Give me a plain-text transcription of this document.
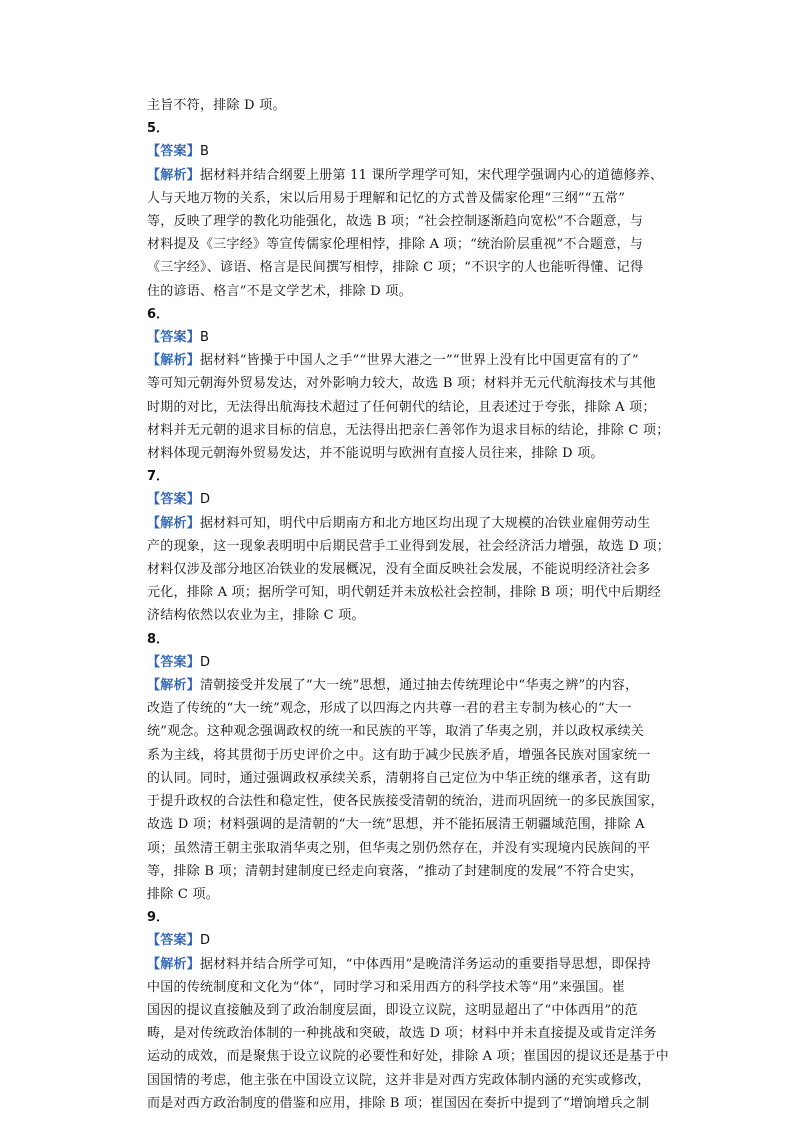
主旨不符，排除 D 项。
5．
【答案】B
【解析】据材料并结合纲要上册第 11 课所学理学可知，宋代理学强调内心的道德修养、
人与天地万物的关系，宋以后用易于理解和记忆的方式普及儒家伦理“三纲”“五常”
等，反映了理学的教化功能强化，故选 B 项；“社会控制逐渐趋向宽松”不合题意，与
材料提及《三字经》等宣传儒家伦理相悖，排除 A 项；“统治阶层重视”不合题意，与
《三字经》、谚语、格言是民间撰写相悖，排除 C 项；“不识字的人也能听得懂、记得
住的谚语、格言”不是文学艺术，排除 D 项。
6．
【答案】B
【解析】据材料“皆操于中国人之手”“世界大港之一”“世界上没有比中国更富有的了”
等可知元朝海外贸易发达，对外影响力较大，故选 B 项；材料并无元代航海技术与其他
时期的对比，无法得出航海技术超过了任何朝代的结论，且表述过于夸张，排除 A 项；
材料并无元朝的退求目标的信息，无法得出把亲仁善邻作为退求目标的结论，排除 C 项；
材料体现元朝海外贸易发达，并不能说明与欧洲有直接人员往来，排除 D 项。
7．
【答案】D
【解析】据材料可知，明代中后期南方和北方地区均出现了大规模的冶铁业雇佣劳动生
产的现象，这一现象表明明中后期民营手工业得到发展，社会经济活力增强，故选 D 项；
材料仅涉及部分地区冶铁业的发展概况，没有全面反映社会发展，不能说明经济社会多
元化，排除 A 项；据所学可知，明代朝廷并未放松社会控制，排除 B 项；明代中后期经
济结构依然以农业为主，排除 C 项。
8．
【答案】D
【解析】清朝接受并发展了“大一统”思想，通过抽去传统理论中“华夷之辨”的内容，
改造了传统的“大一统”观念，形成了以四海之内共尊一君的君主专制为核心的“大一
统”观念。这种观念强调政权的统一和民族的平等，取消了华夷之别，并以政权承续关
系为主线，将其贯彻于历史评价之中。这有助于减少民族矛盾，增强各民族对国家统一
的认同。同时，通过强调政权承续关系，清朝将自己定位为中华正统的继承者，这有助
于提升政权的合法性和稳定性，使各民族接受清朝的统治，进而巩固统一的多民族国家，
故选 D 项；材料强调的是清朝的“大一统”思想，并不能拓展清王朝疆域范围，排除 A
项；虽然清王朝主张取消华夷之别，但华夷之别仍然存在，并没有实现境内民族间的平
等，排除 B 项；清朝封建制度已经走向衰落，“推动了封建制度的发展”不符合史实，
排除 C 项。
9．
【答案】D
【解析】据材料并结合所学可知，“中体西用”是晚清洋务运动的重要指导思想，即保持
中国的传统制度和文化为“体”，同时学习和采用西方的科学技术等“用”来强国。崔
国因的提议直接触及到了政治制度层面，即设立议院，这明显超出了“中体西用”的范
畴，是对传统政治体制的一种挑战和突破，故选 D 项；材料中并未直接提及或肯定洋务
运动的成效，而是聚焦于设立议院的必要性和好处，排除 A 项；崔国因的提议还是基于中
国国情的考虑，他主张在中国设立议院，这并非是对西方宪政体制内涵的充实或修改，
而是对西方政治制度的借鉴和应用，排除 B 项；崔国因在奏折中提到了“增饷增兵之制
